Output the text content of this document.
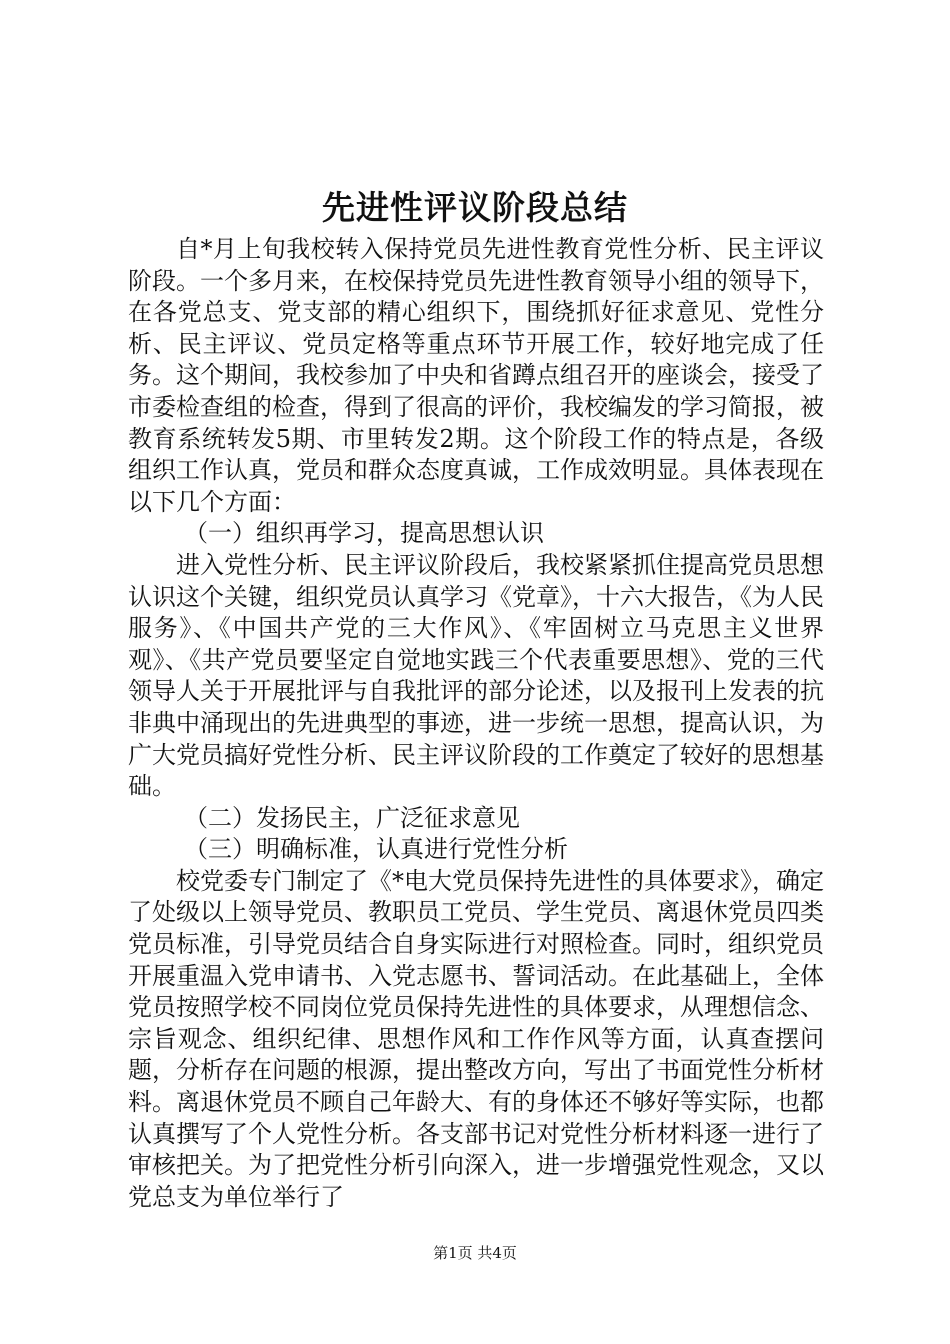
先进性评议阶段总结

自*月上旬我校转入保持党员先进性教育党性分析、民主评议阶段。一个多月来，在校保持党员先进性教育领导小组的领导下，在各党总支、党支部的精心组织下，围绕抓好征求意见、党性分析、民主评议、党员定格等重点环节开展工作，较好地完成了任务。这个期间，我校参加了中央和省蹲点组召开的座谈会，接受了市委检查组的检查，得到了很高的评价，我校编发的学习简报，被教育系统转发5期、市里转发2期。这个阶段工作的特点是，各级组织工作认真，党员和群众态度真诚，工作成效明显。具体表现在以下几个方面：

（一）组织再学习，提高思想认识

进入党性分析、民主评议阶段后，我校紧紧抓住提高党员思想认识这个关键，组织党员认真学习《党章》，十六大报告，《为人民服务》、《中国共产党的三大作风》、《牢固树立马克思主义世界观》、《共产党员要坚定自觉地实践三个代表重要思想》、党的三代领导人关于开展批评与自我批评的部分论述，以及报刊上发表的抗非典中涌现出的先进典型的事迹，进一步统一思想，提高认识，为广大党员搞好党性分析、民主评议阶段的工作奠定了较好的思想基础。

（二）发扬民主，广泛征求意见

（三）明确标准，认真进行党性分析

校党委专门制定了《*电大党员保持先进性的具体要求》，确定了处级以上领导党员、教职员工党员、学生党员、离退休党员四类党员标准，引导党员结合自身实际进行对照检查。同时，组织党员开展重温入党申请书、入党志愿书、誓词活动。在此基础上，全体党员按照学校不同岗位党员保持先进性的具体要求，从理想信念、宗旨观念、组织纪律、思想作风和工作作风等方面，认真查摆问题，分析存在问题的根源，提出整改方向，写出了书面党性分析材料。离退休党员不顾自己年龄大、有的身体还不够好等实际，也都认真撰写了个人党性分析。各支部书记对党性分析材料逐一进行了审核把关。为了把党性分析引向深入，进一步增强党性观念，又以党总支为单位举行了

第1页 共4页
